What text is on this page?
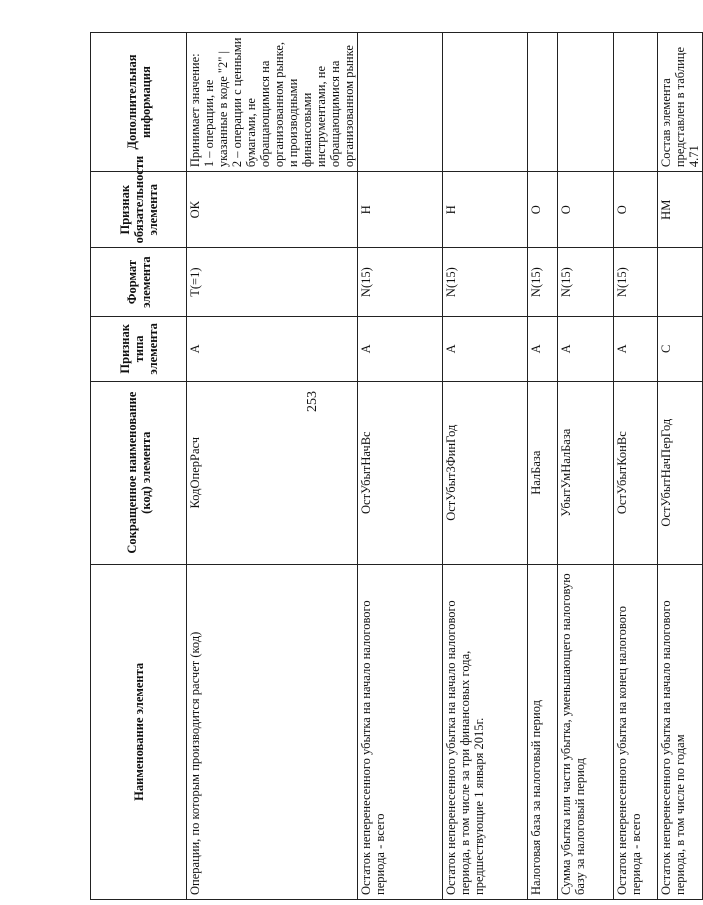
253
Наименование элемента	Сокращенное наименование (код) элемента	Признак типа элемента	Формат элемента	Признак обязательности элемента	Дополнительная информация
Операции, по которым производится расчет (код)	КодОперРасч	А	T(=1)	ОК	Принимает значение: 1 – операции, не указанные в коде "2" | 2 – операции с ценными бумагами, не обращающимися на организованном рынке, и производными финансовыми инструментами, не обращающимися на организованном рынке

Остаток неперенесенного убытка на начало налогового периода - всего	ОстУбытНачВс	А	N(15)	Н	
Остаток неперенесенного убытка на начало налогового периода, в том числе за три финансовых года, предшествующие 1 января 2015г.	ОстУбыт3ФинГод	А	N(15)	Н	
Налоговая база за налоговый период	НалБаза	А	N(15)	О	
Сумма убытка или части убытка, уменьшающего налоговую базу за налоговый период	УбытУмНалБаза	А	N(15)	О	
Остаток неперенесенного убытка на конец налогового периода - всего	ОстУбытКонВс	А	N(15)	О	
Остаток неперенесенного убытка на начало налогового периода, в том числе по годам	ОстУбытНачПерГод	С		НМ	Состав элемента представлен в таблице 4.71
